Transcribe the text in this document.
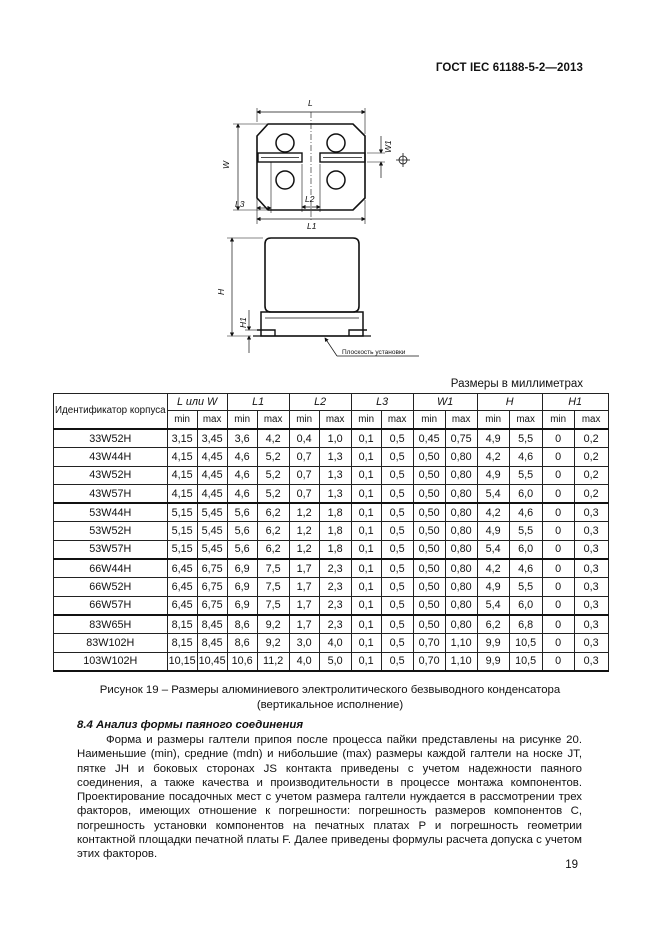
ГОСТ IEC 61188-5-2—2013
L
W
W1
L3	L2
L1
H
H1
Плоскость установки
Размеры в миллиметрах
Идентификатор корпуса	L или W		L1		L2		L3		W1		H		H1	
	min	max	min	max	min	max	min	max	min	max	min	max	min	max
33W52H	3,15	3,45	3,6	4,2	0,4	1,0	0,1	0,5	0,45	0,75	4,9	5,5	0	0,2
43W44H	4,15	4,45	4,6	5,2	0,7	1,3	0,1	0,5	0,50	0,80	4,2	4,6	0	0,2
43W52H	4,15	4,45	4,6	5,2	0,7	1,3	0,1	0,5	0,50	0,80	4,9	5,5	0	0,2
43W57H	4,15	4,45	4,6	5,2	0,7	1,3	0,1	0,5	0,50	0,80	5,4	6,0	0	0,2
53W44H	5,15	5,45	5,6	6,2	1,2	1,8	0,1	0,5	0,50	0,80	4,2	4,6	0	0,3
53W52H	5,15	5,45	5,6	6,2	1,2	1,8	0,1	0,5	0,50	0,80	4,9	5,5	0	0,3
53W57H	5,15	5,45	5,6	6,2	1,2	1,8	0,1	0,5	0,50	0,80	5,4	6,0	0	0,3
66W44H	6,45	6,75	6,9	7,5	1,7	2,3	0,1	0,5	0,50	0,80	4,2	4,6	0	0,3
66W52H	6,45	6,75	6,9	7,5	1,7	2,3	0,1	0,5	0,50	0,80	4,9	5,5	0	0,3
66W57H	6,45	6,75	6,9	7,5	1,7	2,3	0,1	0,5	0,50	0,80	5,4	6,0	0	0,3
83W65H	8,15	8,45	8,6	9,2	1,7	2,3	0,1	0,5	0,50	0,80	6,2	6,8	0	0,3
83W102H	8,15	8,45	8,6	9,2	3,0	4,0	0,1	0,5	0,70	1,10	9,9	10,5	0	0,3
103W102H	10,15	10,45	10,6	11,2	4,0	5,0	0,1	0,5	0,70	1,10	9,9	10,5	0	0,3
Рисунок 19 – Размеры алюминиевого электролитического безвыводного конденсатора
(вертикальное исполнение)
8.4 Анализ формы паяного соединения
Форма и размеры галтели припоя после процесса пайки представлены на рисунке 20. Наименьшие (min), средние (mdn) и нибольшие (max) размеры каждой галтели на носке JT, пятке JH и боковых сторонах JS контакта приведены с учетом надежности паяного соединения, а также качества и производительности в процессе монтажа компонентов. Проектирование посадочных мест с учетом размера галтели нуждается в рассмотрении трех факторов, имеющих отношение к погрешности: погрешность размеров компонентов C, погрешность установки компонентов на печатных платах P и погрешность геометрии контактной площадки печатной платы F. Далее приведены формулы расчета допуска с учетом этих факторов.
19
